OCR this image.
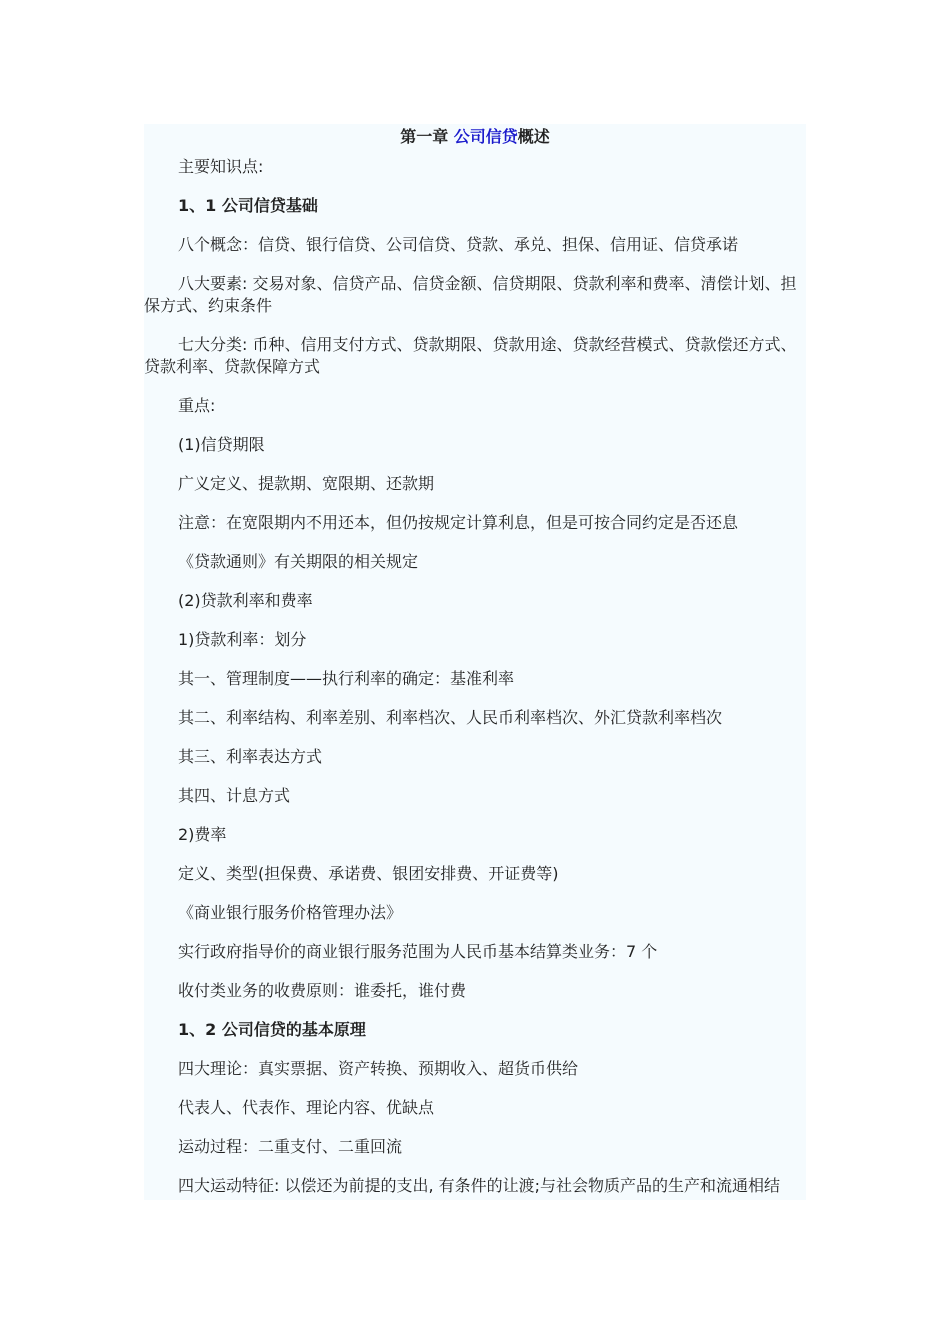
第一章 公司信贷概述

主要知识点:

1、1 公司信贷基础

八个概念：信贷、银行信贷、公司信贷、贷款、承兑、担保、信用证、信贷承诺

八大要素: 交易对象、信贷产品、信贷金额、信贷期限、贷款利率和费率、清偿计划、担保方式、约束条件

七大分类: 币种、信用支付方式、贷款期限、贷款用途、贷款经营模式、贷款偿还方式、贷款利率、贷款保障方式

重点:

(1)信贷期限

广义定义、提款期、宽限期、还款期

注意：在宽限期内不用还本，但仍按规定计算利息，但是可按合同约定是否还息

《贷款通则》有关期限的相关规定

(2)贷款利率和费率

1)贷款利率：划分

其一、管理制度——执行利率的确定：基准利率

其二、利率结构、利率差别、利率档次、人民币利率档次、外汇贷款利率档次

其三、利率表达方式

其四、计息方式

2)费率

定义、类型(担保费、承诺费、银团安排费、开证费等)

《商业银行服务价格管理办法》

实行政府指导价的商业银行服务范围为人民币基本结算类业务：7 个

收付类业务的收费原则：谁委托，谁付费

1、2 公司信贷的基本原理

四大理论：真实票据、资产转换、预期收入、超货币供给

代表人、代表作、理论内容、优缺点

运动过程：二重支付、二重回流

四大运动特征: 以偿还为前提的支出, 有条件的让渡;与社会物质产品的生产和流通相结
